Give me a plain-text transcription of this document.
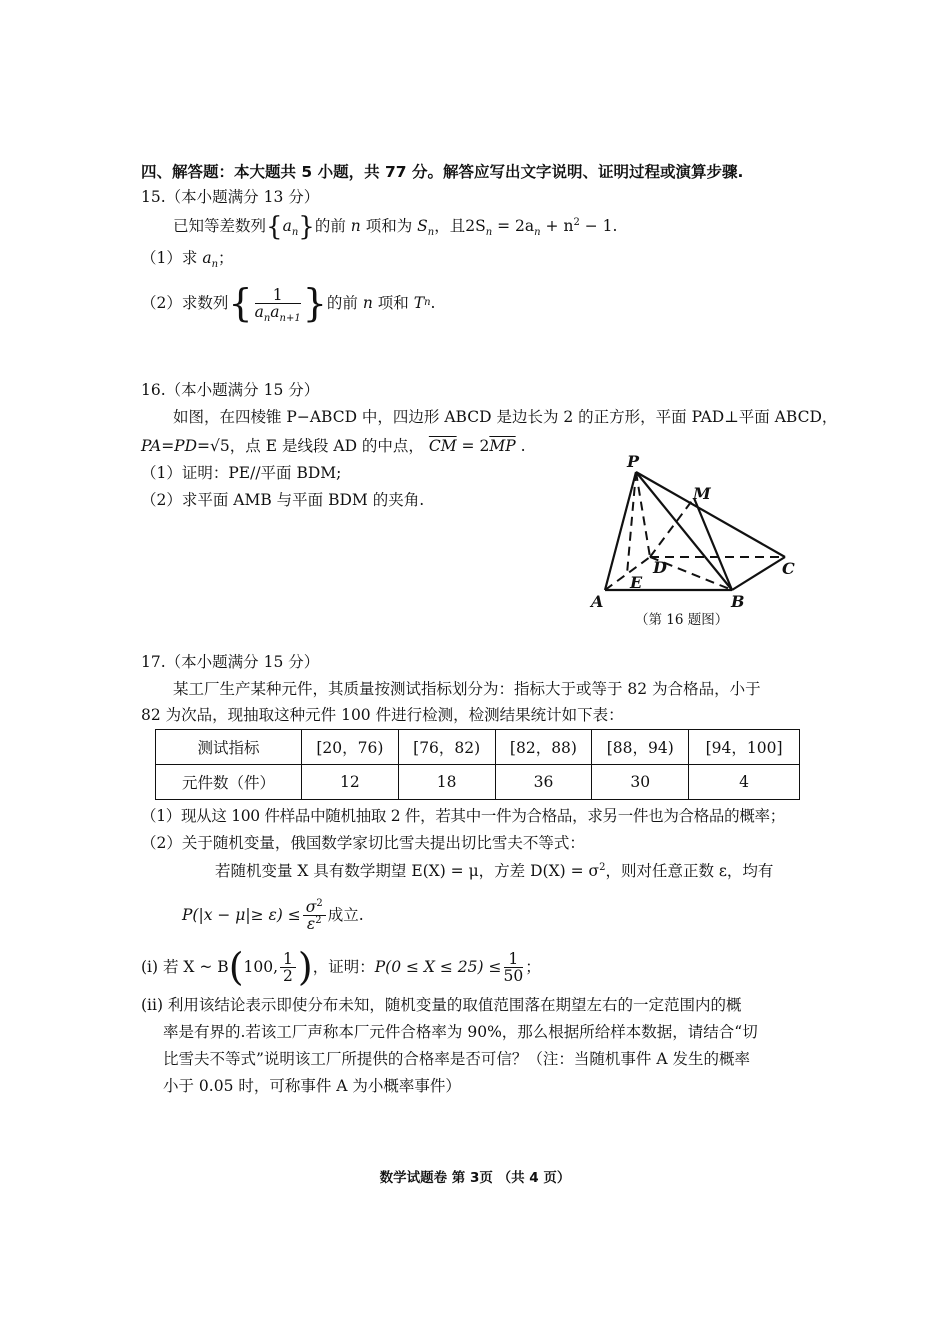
四、解答题：本大题共 5 小题，共 77 分。解答应写出文字说明、证明过程或演算步骤.
15.（本小题满分 13 分）
已知等差数列$\{a_n\}$的前 n 项和为 $S_n$，且$2S_n = 2a_n + n^2 - 1$.
（1）求 $a_n$；
（2）求数列 { $\frac{1}{a_na_{n+1}}$ } 的前
n
项和
T n .
16.（本小题满分 15 分）
如图，在四棱锥 P−ABCD 中，四边形 ABCD 是边长为 2 的正方形，平面 PAD⊥平面 ABCD，
PA=PD=√5，点 E 是线段 AD 的中点， $\overline{CM} = 2\overline{MP}$ .
（1）证明：PE//平面 BDM;
（2）求平面 AMB 与平面 BDM 的夹角.
P
M
C
D
E
A	B
（第 16 题图）
17.（本小题满分 15 分）
某工厂生产某种元件，其质量按测试指标划分为：指标大于或等于 82 为合格品，小于
82 为次品，现抽取这种元件 100 件进行检测，检测结果统计如下表：
测试指标	[20，76)	[76，82)	[82，88)	[88，94)	[94，100]
元件数（件）	12	18	36	30	4
（1）现从这 100 件样品中随机抽取 2 件，若其中一件为合格品，求另一件也为合格品的概率；
（2）关于随机变量，俄国数学家切比雪夫提出切比雪夫不等式：
若随机变量 X 具有数学期望 E(X) = μ，方差 $D(X) = \sigma^2$，则对任意正数 ε，均有
$P(|x - \mu|\ge \varepsilon) \le \frac{\sigma^2}{\varepsilon^2}$ 成立.
(i) 若 X ~ B ( 100, $\frac{1}{2}$ ) ，证明： $P(0 \le X \le 25) \le \frac{1}{50}$ ；
(ii) 利用该结论表示即使分布未知，随机变量的取值范围落在期望左右的一定范围内的概
率是有界的.若该工厂声称本厂元件合格率为 90%，那么根据所给样本数据，请结合“切
比雪夫不等式”说明该工厂所提供的合格率是否可信？（注：当随机事件 A 发生的概率
小于 0.05 时，可称事件 A 为小概率事件）
数学试题卷 第 3页 （共 4 页）
